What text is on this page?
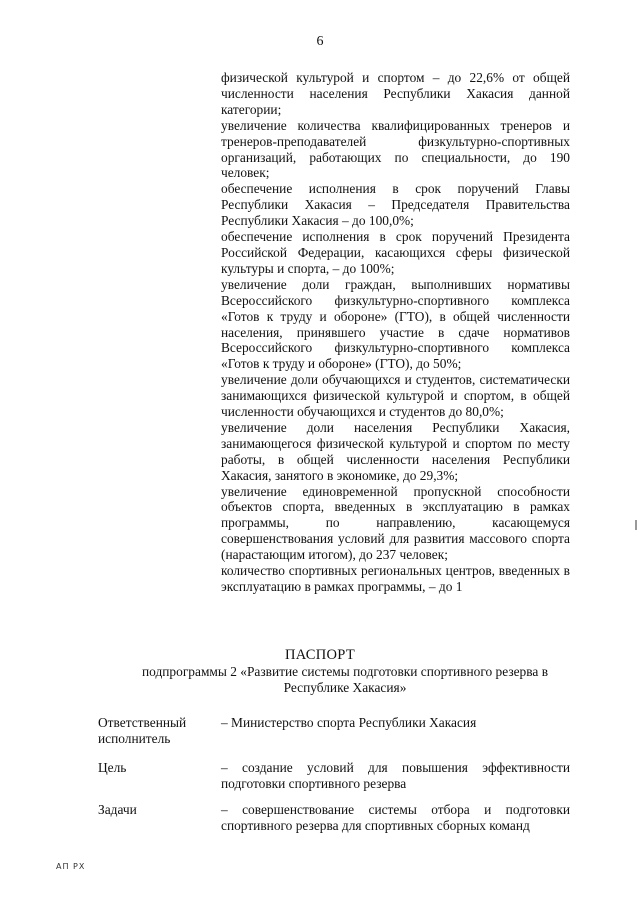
6

физической культурой и спортом – до 22,6% от общей численности населения Республики Хакасия данной категории;

увеличение количества квалифицированных тренеров и тренеров-преподавателей физкультурно-спортивных организаций, работающих по специальности, до 190 человек;

обеспечение исполнения в срок поручений Главы Республики Хакасия – Председателя Правительства Республики Хакасия – до 100,0%;

обеспечение исполнения в срок поручений Президента Российской Федерации, касающихся сферы физической культуры и спорта, – до 100%;

увеличение доли граждан, выполнивших нормативы Всероссийского физкультурно-спортивного комплекса «Готов к труду и обороне» (ГТО), в общей численности населения, принявшего участие в сдаче нормативов Всероссийского физкультурно-спортивного комплекса «Готов к труду и обороне» (ГТО), до 50%;

увеличение доли обучающихся и студентов, систематически занимающихся физической культурой и спортом, в общей численности обучающихся и студентов до 80,0%;

увеличение доли населения Республики Хакасия, занимающегося физической культурой и спортом по месту работы, в общей численности населения Республики Хакасия, занятого в экономике, до 29,3%;

увеличение единовременной пропускной способности объектов спорта, введенных в эксплуатацию в рамках программы, по направлению, касающемуся совершенствования условий для развития массового спорта (нарастающим итогом), до 237 человек;

количество спортивных региональных центров, введенных в эксплуатацию в рамках программы, – до 1

ПАСПОРТ
подпрограммы 2 «Развитие системы подготовки спортивного резерва в Республике Хакасия»
Ответственный исполнитель
– Министерство спорта Республики Хакасия
Цель	– создание условий для повышения эффективности подготовки спортивного резерва
Задачи	– совершенствование системы отбора и подготовки спортивного резерва для спортивных сборных команд
АП РХ
